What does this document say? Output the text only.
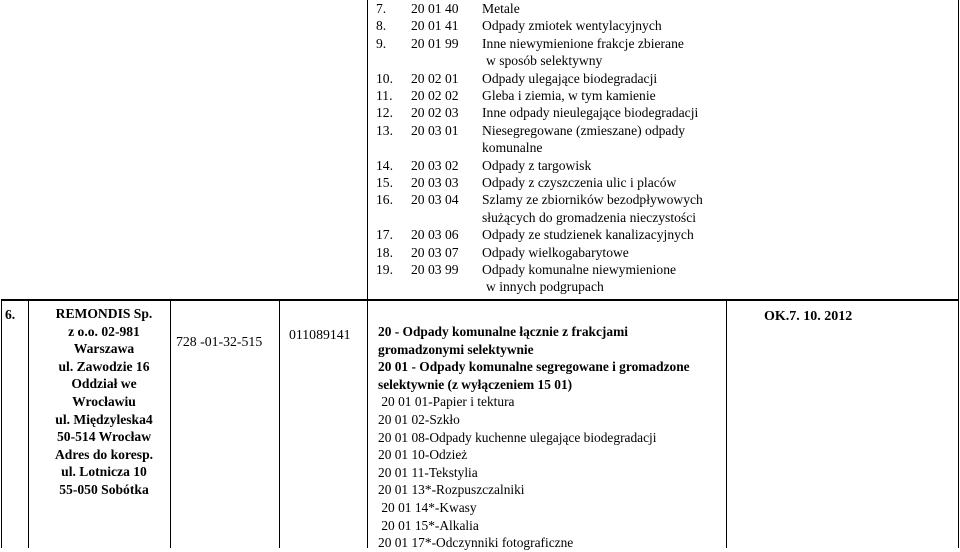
7. 20 01 40 Metale
8. 20 01 41 Odpady zmiotek wentylacyjnych
9. 20 01 99 Inne niewymienione frakcje zbierane
w sposób selektywny
10. 20 02 01 Odpady ulegające biodegradacji
11. 20 02 02 Gleba i ziemia, w tym kamienie
12. 20 02 03 Inne odpady nieulegające biodegradacji
13. 20 03 01 Niesegregowane (zmieszane) odpady
komunalne
14. 20 03 02 Odpady z targowisk
15. 20 03 03 Odpady z czyszczenia ulic i placów
16. 20 03 04 Szlamy ze zbiorników bezodpływowych
służących do gromadzenia nieczystości
17. 20 03 06 Odpady ze studzienek kanalizacyjnych
18. 20 03 07 Odpady wielkogabarytowe
19. 20 03 99 Odpady komunalne niewymienione
w innych podgrupach
6.	REMONDIS Sp.
z o.o. 02-981
Warszawa
ul. Zawodzie 16
Oddział we
Wrocławiu
ul. Międzyleska4
50-514 Wrocław
Adres do koresp.
ul. Lotnicza 10
55-050 Sobótka
728 -01-32-515 011089141 20 - Odpady komunalne łącznie z frakcjami
gromadzonymi selektywnie
20 01 - Odpady komunalne segregowane i gromadzone
selektywnie (z wyłączeniem 15 01)
20 01 01-Papier i tektura
20 01 02-Szkło
20 01 08-Odpady kuchenne ulegające biodegradacji
20 01 10-Odzież
20 01 11-Tekstylia
20 01 13*-Rozpuszczalniki
20 01 14*-Kwasy
20 01 15*-Alkalia
20 01 17*-Odczynniki fotograficzne
OK.7. 10. 2012
